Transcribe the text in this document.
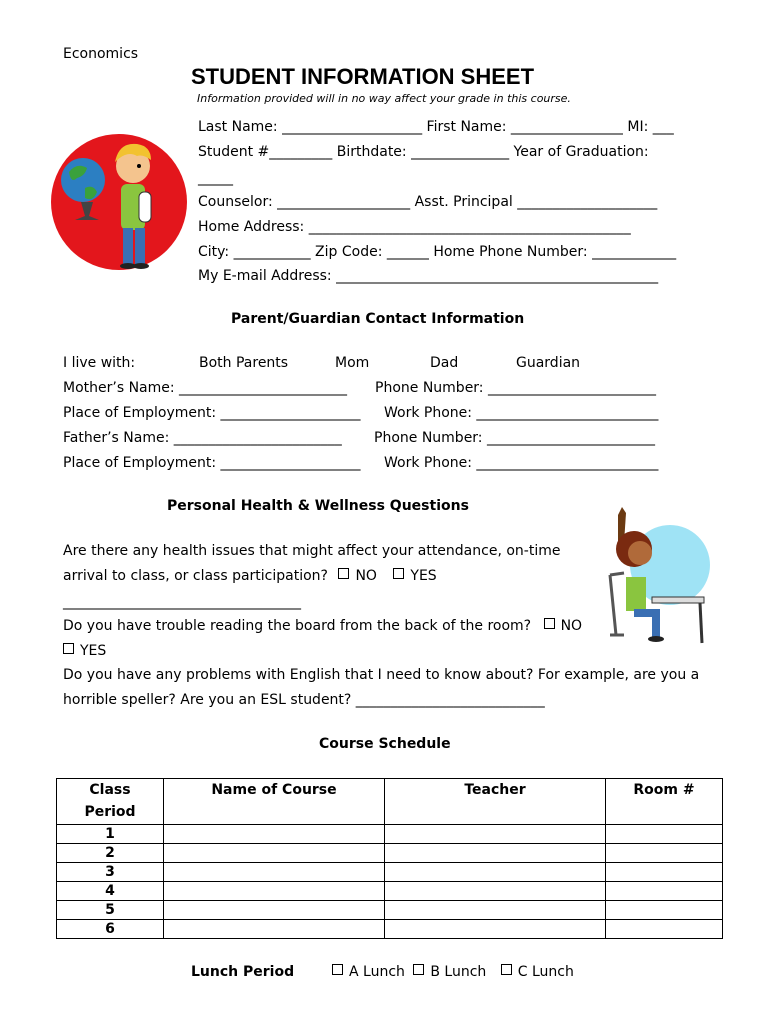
Economics
STUDENT INFORMATION SHEET
Information provided will in no way affect your grade in this course.
Last Name: ____________________ First Name: ________________ MI: ___
Student #_________ Birthdate: ______________ Year of Graduation:
_____
Counselor: ___________________ Asst. Principal ____________________
Home Address: ______________________________________________
City: ___________ Zip Code: ______ Home Phone Number: ____________
My E-mail Address: ______________________________________________
Parent/Guardian Contact Information
I live with:	Both Parents	Mom	Dad	Guardian
Mother’s Name: ________________________ Phone Number: ________________________
Place of Employment: ____________________ Work Phone: __________________________
Father’s Name: ________________________ Phone Number: ________________________
Place of Employment: ____________________ Work Phone: __________________________
Personal Health & Wellness Questions
Are there any health issues that might affect your attendance, on-time
arrival to class, or class participation? NO YES
__________________________________
Do you have trouble reading the board from the back of the room? NO
YES
Do you have any problems with English that I need to know about? For example, are you a
horrible speller? Are you an ESL student? ___________________________
Course Schedule
Class
Period	Name of Course	Teacher	Room #
1			
2			
3			
4			
5			
6			
Lunch Period	A Lunch B Lunch C Lunch
